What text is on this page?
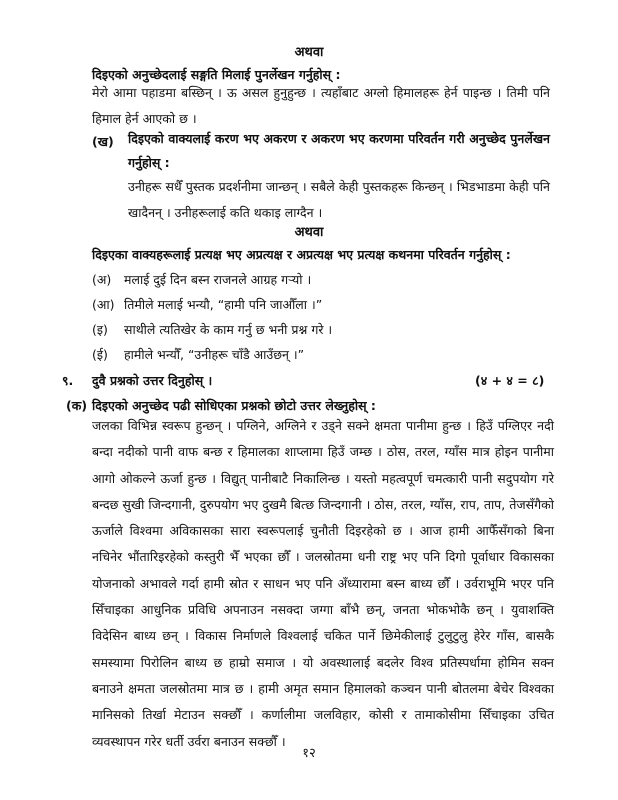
अथवा
दिइएको अनुच्छेदलाई सङ्गति मिलाई पुनर्लेखन गर्नुहोस् :
मेरो आमा पहाडमा बस्छिन् । ऊ असल हुनुहुन्छ । त्यहाँबाट अग्लो हिमालहरू हेर्न पाइन्छ । तिमी पनि हिमाल हेर्न आएको छ ।
(ख) दिइएको वाक्यलाई करण भए अकरण र अकरण भए करणमा परिवर्तन गरी अनुच्छेद पुनर्लेखन गर्नुहोस् :
उनीहरू सधैँ पुस्तक प्रदर्शनीमा जान्छन् । सबैले केही पुस्तकहरू किन्छन् । भिडभाडमा केही पनि खादैनन् । उनीहरूलाई कति थकाइ लाग्दैन ।
अथवा
दिइएका वाक्यहरूलाई प्रत्यक्ष भए अप्रत्यक्ष र अप्रत्यक्ष भए प्रत्यक्ष कथनमा परिवर्तन गर्नुहोस् :
(अ) मलाई दुई दिन बस्न राजनले आग्रह गऱ्यो ।
(आ) तिमीले मलाई भन्यौ, “हामी पनि जाऔँला ।”
(इ) साथीले त्यतिखेर के काम गर्नु छ भनी प्रश्न गरे ।
(ई) हामीले भन्यौँ, “उनीहरू चाँडै आउँछन् ।”
९. दुवै प्रश्नको उत्तर दिनुहोस् ।	(४ + ४ = ८)
(क) दिइएको अनुच्छेद पढी सोधिएका प्रश्नको छोटो उत्तर लेख्नुहोस् :
जलका विभिन्न स्वरूप हुन्छन् । पग्लिने, अग्लिने र उड्ने सक्ने क्षमता पानीमा हुन्छ । हिउँ पग्लिएर नदी बन्दा नदीको पानी वाफ बन्छ र हिमालका शाप्लामा हिउँ जम्छ । ठोस, तरल, ग्याँस मात्र होइन पानीमा आगो ओकल्ने ऊर्जा हुन्छ । विद्युत् पानीबाटै निकालिन्छ । यस्तो महत्वपूर्ण चमत्कारी पानी सदुपयोग गरे बन्दछ सुखी जिन्दगानी, दुरुपयोग भए दुखमै बित्छ जिन्दगानी । ठोस, तरल, ग्याँस, राप, ताप, तेजसँगैको ऊर्जाले विश्वमा अविकासका सारा स्वरूपलाई चुनौती दिइरहेको छ । आज हामी आफैँसँगको बिना नचिनेर भौंतारिइरहेको कस्तुरी भैँ भएका छौँ । जलस्रोतमा धनी राष्ट्र भए पनि दिगो पूर्वाधार विकासका योजनाको अभावले गर्दा हामी स्रोत र साधन भए पनि अँध्यारामा बस्न बाध्य छौँ । उर्वराभूमि भएर पनि सिँचाइका आधुनिक प्रविधि अपनाउन नसक्दा जग्गा बाँभै छन्, जनता भोकभोकै छन् । युवाशक्ति विदेसिन बाध्य छन् । विकास निर्माणले विश्वलाई चकित पार्ने छिमेकीलाई टुलुटुलु हेरेर गाँस, बासकै समस्यामा पिरोलिन बाध्य छ हाम्रो समाज । यो अवस्थालाई बदलेर विश्व प्रतिस्पर्धामा होमिन सक्न बनाउने क्षमता जलस्रोतमा मात्र छ । हामी अमृत समान हिमालको कञ्चन पानी बोतलमा बेचेर विश्वका मानिसको तिर्खा मेटाउन सक्छौँ । कर्णालीमा जलविहार, कोसी र तामाकोसीमा सिँचाइका उचित व्यवस्थापन गरेर धर्ती उर्वरा बनाउन सक्छौँ ।
१२
